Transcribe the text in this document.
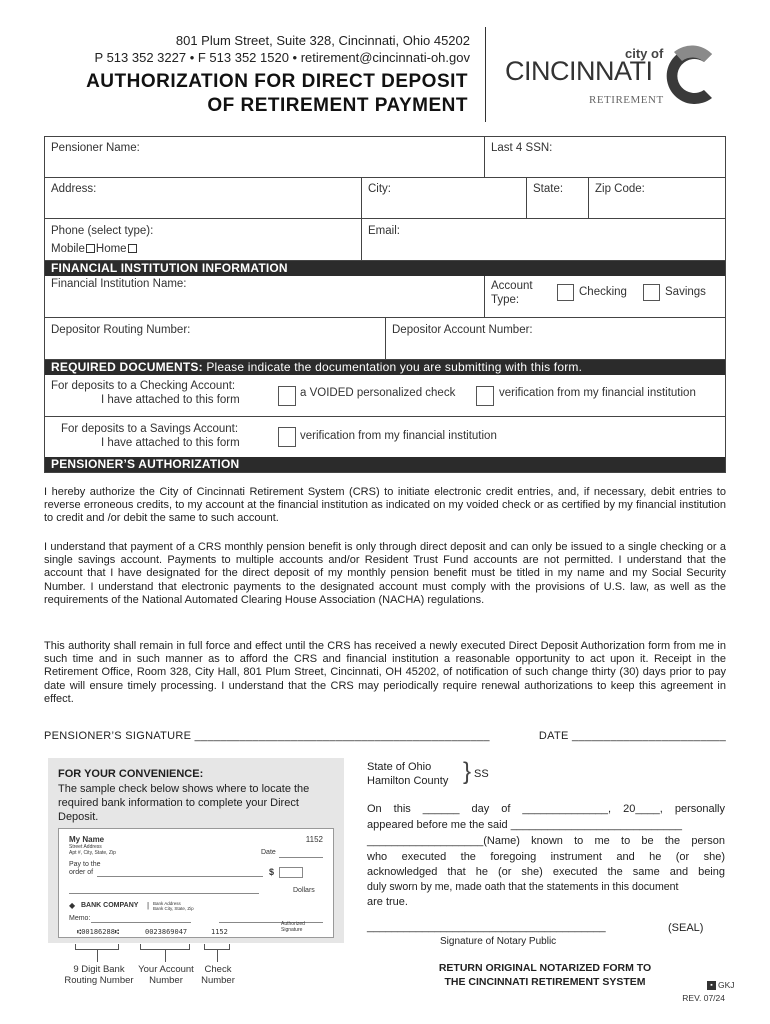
801 Plum Street, Suite 328, Cincinnati, Ohio 45202
P 513 352 3227 • F 513 352 1520 • retirement@cincinnati-oh.gov
AUTHORIZATION FOR DIRECT DEPOSIT
OF RETIREMENT PAYMENT
city of
CINCINNATI
RETIREMENT
Pensioner Name:	Last 4 SSN:
Address:	City:	State:	Zip Code:
Phone (select type):
Mobile Home
Email:
FINANCIAL INSTITUTION INFORMATION
Financial Institution Name:	Account
Type:
Checking	Savings
Depositor Routing Number:	Depositor Account Number:
REQUIRED DOCUMENTS: Please indicate the documentation you are submitting with this form.
For deposits to a Checking Account:
I have attached to this form
a VOIDED personalized check	verification from my financial institution
For deposits to a Savings Account:
I have attached to this form
verification from my financial institution
PENSIONER’S AUTHORIZATION
I hereby authorize the City of Cincinnati Retirement System (CRS) to initiate electronic credit entries, and, if necessary, debit entries to reverse erroneous credits, to my account at the financial institution as indicated on my voided check or as certified by my financial institution to credit and /or debit the same to such account.
I understand that payment of a CRS monthly pension benefit is only through direct deposit and can only be issued to a single checking or a single savings account. Payments to multiple accounts and/or Resident Trust Fund accounts are not permitted. I understand that the account that I have designated for the direct deposit of my monthly pension benefit must be titled in my name and my Social Security Number. I understand that electronic payments to the designated account must comply with the provisions of U.S. law, as well as the requirements of the National Automated Clearing House Association (NACHA) regulations.
This authority shall remain in full force and effect until the CRS has received a newly executed Direct Deposit Authorization form from me in such time and in such manner as to afford the CRS and financial institution a reasonable opportunity to act upon it. Receipt in the Retirement Office, Room 328, City Hall, 801 Plum Street, Cincinnati, OH 45202, of notification of such change thirty (30) days prior to pay date will ensure timely processing. I understand that the CRS may periodically require renewal authorizations to keep this agreement in effect.
PENSIONER’S SIGNATURE ______________________________________________	DATE ________________________
FOR YOUR CONVENIENCE:
The sample check below shows where to locate the required bank information to complete your Direct Deposit.
My Name
Street Address
Apt #, City, State, Zip
1152
Date
Pay to the
order of	$
Dollars
◆ BANK COMPANY | Bank Address
Bank City, State, Zip
Memo:
Authorized
Signature
⑆00186288⑆	0023869047	1152
9 Digit Bank
Routing Number
Your Account
Number
Check
Number
State of Ohio
Hamilton County } SS
On this ______ day of ______________, 20____, personally
appeared before me the said ____________________________
___________________(Name) known to me to be the person
who executed the foregoing instrument and he (or she)
acknowledged that he (or she) executed the same and being
duly sworn by me, made oath that the statements in this document
are true.
_______________________________________	(SEAL)
Signature of Notary Public
RETURN ORIGINAL NOTARIZED FORM TO
THE CINCINNATI RETIREMENT SYSTEM	▪ GKJ
REV. 07/24
